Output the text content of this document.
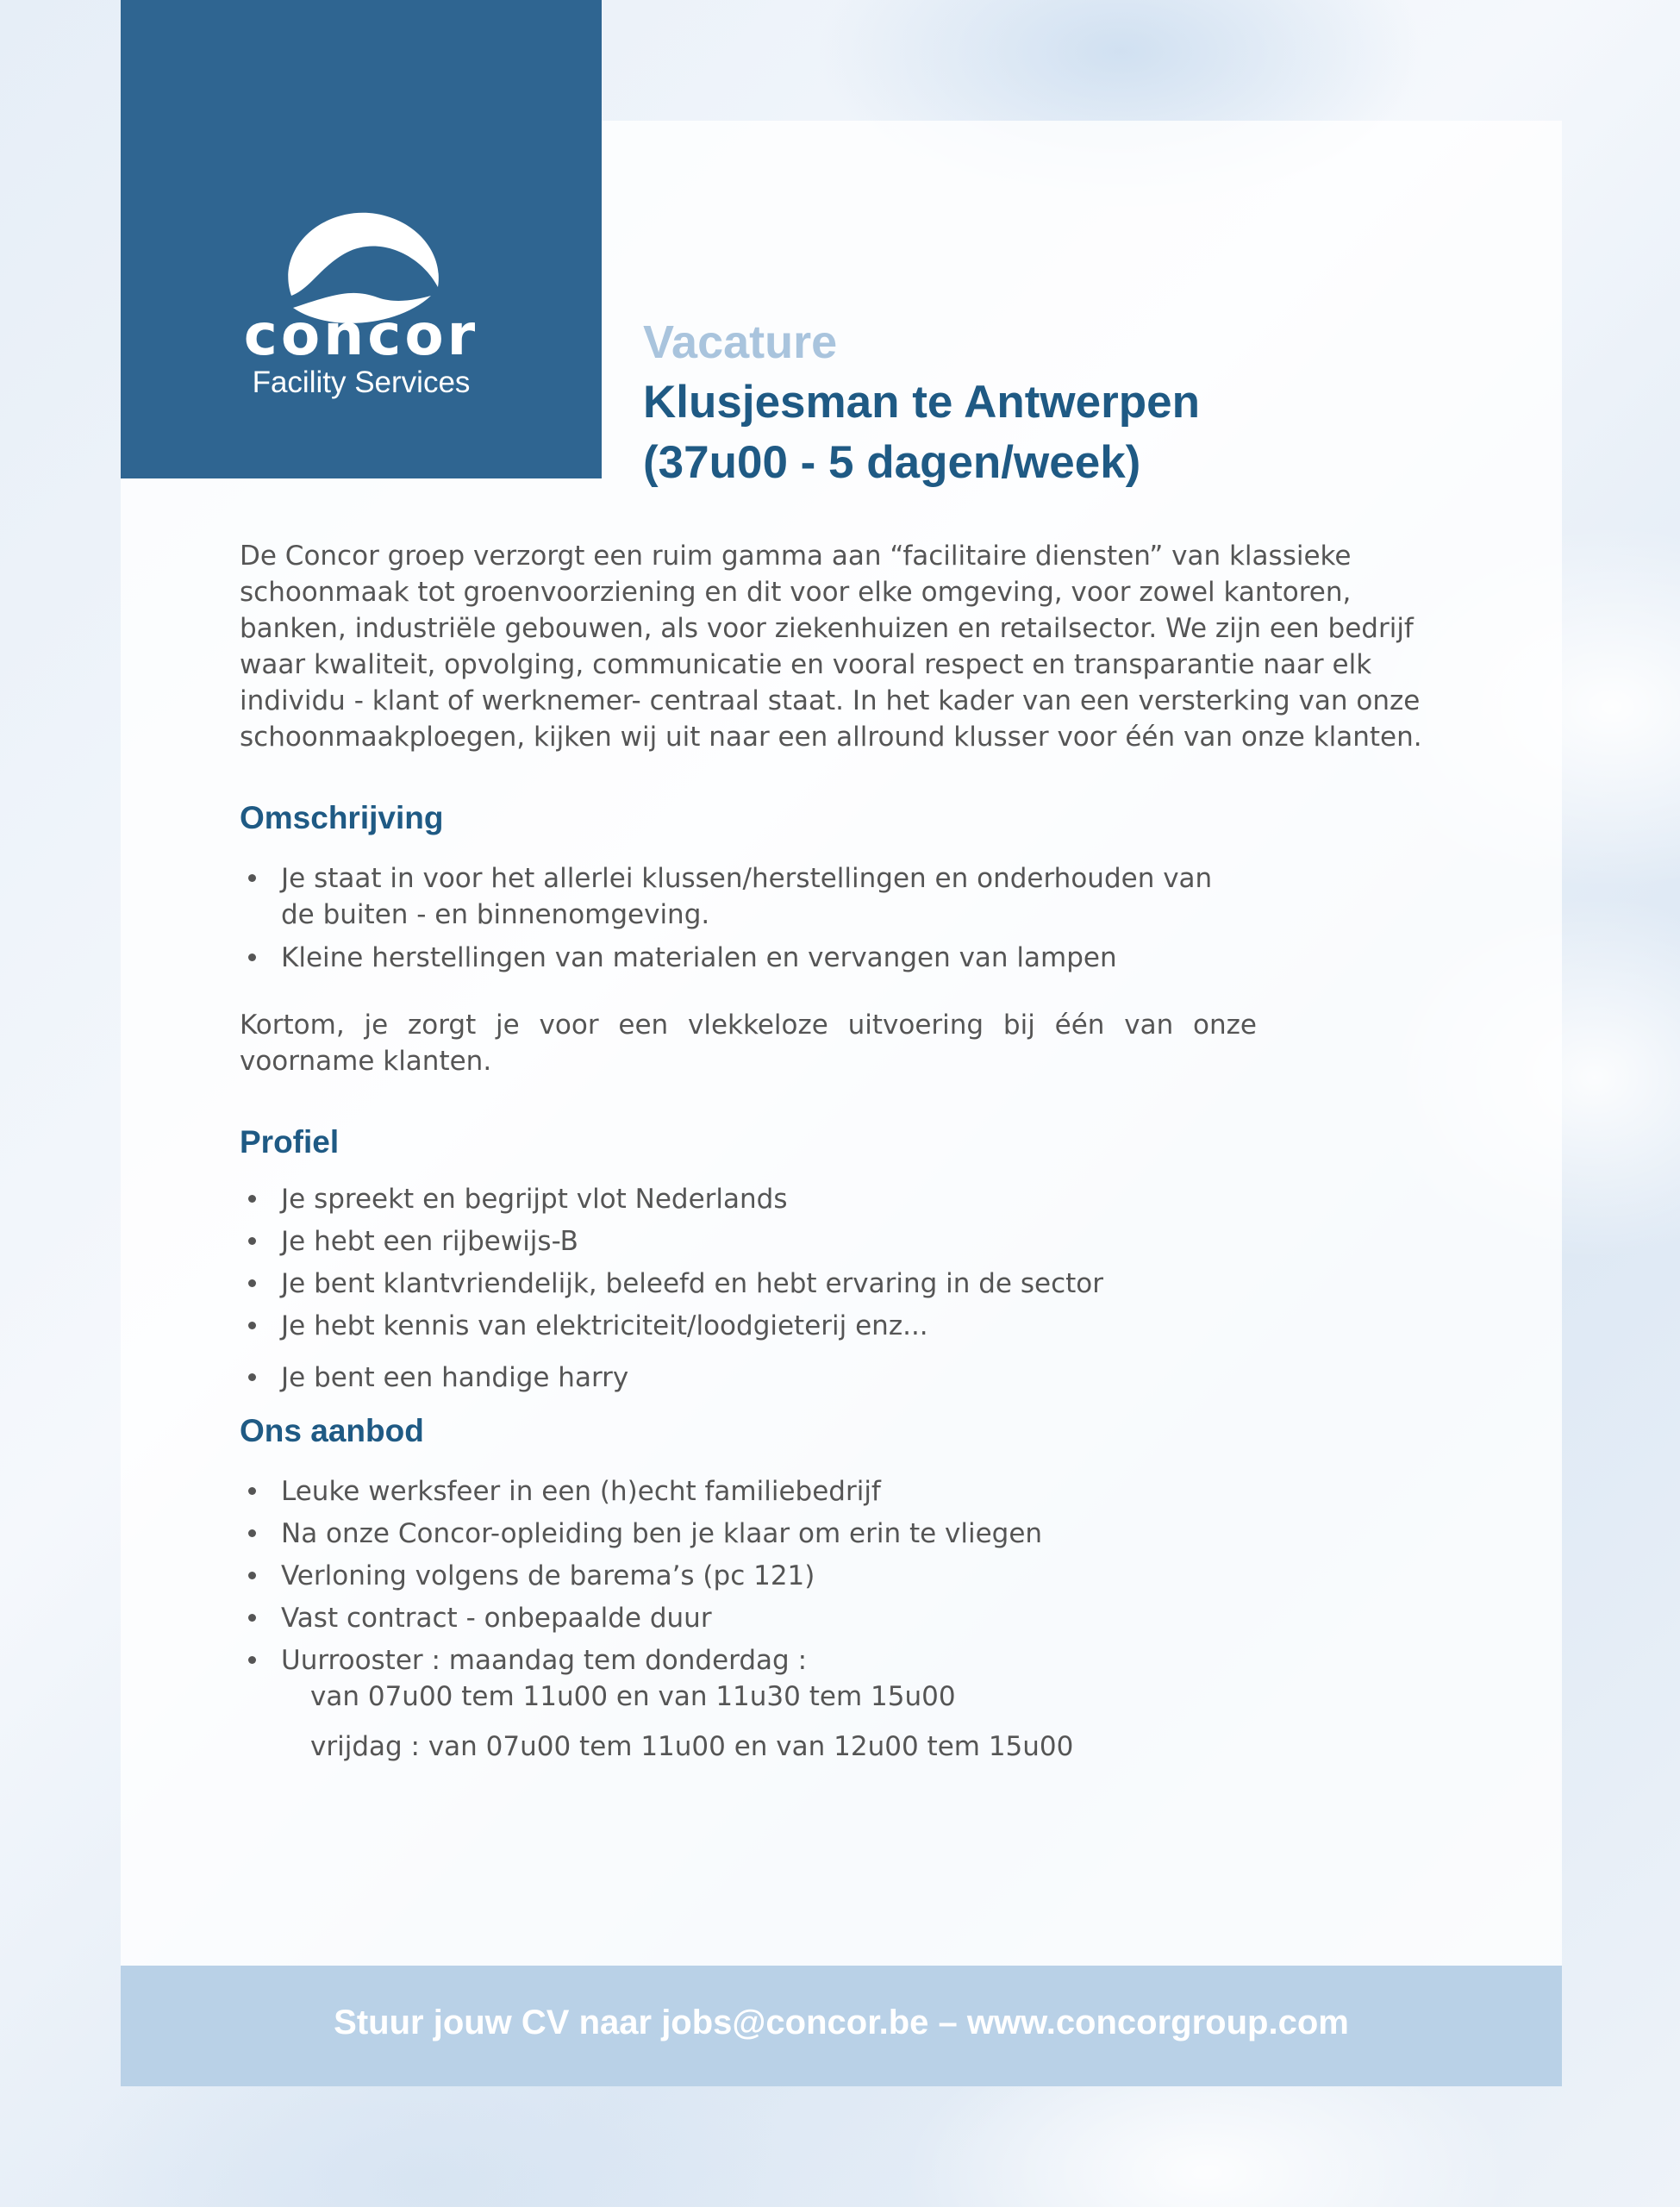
concor
Facility Services
Vacature
Klusjesman te Antwerpen
(37u00 - 5 dagen/week)

De Concor groep verzorgt een ruim gamma aan “facilitaire diensten” van klassieke schoonmaak tot groenvoorziening en dit voor elke omgeving, voor zowel kantoren, banken, industriële gebouwen, als voor ziekenhuizen en retailsector. We zijn een bedrijf waar kwaliteit, opvolging, communicatie en vooral respect en transparantie naar elk individu - klant of werknemer- centraal staat. In het kader van een versterking van onze schoonmaakploegen, kijken wij uit naar een allround klusser voor één van onze klanten.

Omschrijving
Je staat in voor het allerlei klussen/herstellingen en onderhouden van de buiten - en binnenomgeving.
Kleine herstellingen van materialen en vervangen van lampen

Kortom, je zorgt je voor een vlekkeloze uitvoering bij één van onze voorname klanten.

Profiel
Je spreekt en begrijpt vlot Nederlands
Je hebt een rijbewijs-B
Je bent klantvriendelijk, beleefd en hebt ervaring in de sector
Je hebt kennis van elektriciteit/loodgieterij enz...
Je bent een handige harry
Ons aanbod
Leuke werksfeer in een (h)echt familiebedrijf
Na onze Concor-opleiding ben je klaar om erin te vliegen
Verloning volgens de barema’s (pc 121)
Vast contract - onbepaalde duur
Uurrooster : maandag tem donderdag :

van 07u00 tem 11u00 en van 11u30 tem 15u00

vrijdag : van 07u00 tem 11u00 en van 12u00 tem 15u00

Stuur jouw CV naar jobs@concor.be – www.concorgroup.com
